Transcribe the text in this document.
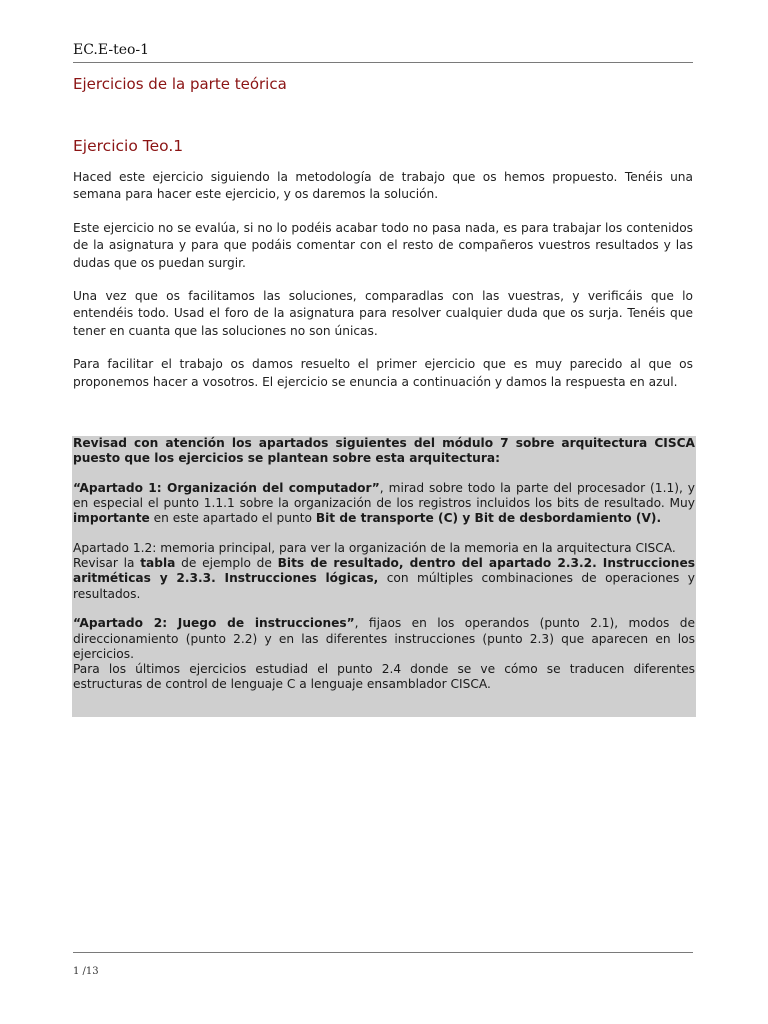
EC.E-teo-1
Ejercicios de la parte teórica
Ejercicio Teo.1

Haced este ejercicio siguiendo la metodología de trabajo que os hemos propuesto. Tenéis una semana para hacer este ejercicio, y os daremos la solución.

Este ejercicio no se evalúa, si no lo podéis acabar todo no pasa nada, es para trabajar los contenidos de la asignatura y para que podáis comentar con el resto de compañeros vuestros resultados y las dudas que os puedan surgir.

Una vez que os facilitamos las soluciones, comparadlas con las vuestras, y verificáis que lo entendéis todo. Usad el foro de la asignatura para resolver cualquier duda que os surja. Tenéis que tener en cuanta que las soluciones no son únicas.

Para facilitar el trabajo os damos resuelto el primer ejercicio que es muy parecido al que os proponemos hacer a vosotros. El ejercicio se enuncia a continuación y damos la respuesta en azul.

Revisad con atención los apartados siguientes del módulo 7 sobre arquitectura CISCA puesto que los ejercicios se plantean sobre esta arquitectura:

“Apartado 1: Organización del computador”, mirad sobre todo la parte del procesador (1.1), y en especial el punto 1.1.1 sobre la organización de los registros incluidos los bits de resultado. Muy importante en este apartado el punto Bit de transporte (C) y Bit de desbordamiento (V).

Apartado 1.2: memoria principal, para ver la organización de la memoria en la arquitectura CISCA.

Revisar la tabla de ejemplo de Bits de resultado, dentro del apartado 2.3.2. Instrucciones aritméticas y 2.3.3. Instrucciones lógicas, con múltiples combinaciones de operaciones y resultados.

“Apartado 2: Juego de instrucciones”, fijaos en los operandos (punto 2.1), modos de direccionamiento (punto 2.2) y en las diferentes instrucciones (punto 2.3) que aparecen en los ejercicios.

Para los últimos ejercicios estudiad el punto 2.4 donde se ve cómo se traducen diferentes estructuras de control de lenguaje C a lenguaje ensamblador CISCA.

1 /13
